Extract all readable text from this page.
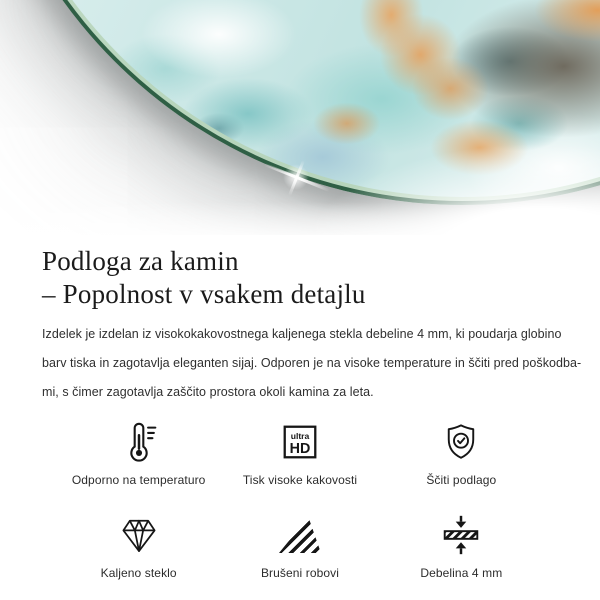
Podloga za kamin
– Popolnost v vsakem detajlu
Izdelek je izdelan iz visokokakovostnega kaljenega stekla debeline 4 mm, ki poudarja globino
barv tiska in zagotavlja eleganten sijaj. Odporen je na visoke temperature in ščiti pred poškodba-
mi, s čimer zagotavlja zaščito prostora okoli kamina za leta.
Odporno na temperaturo
ultra
HD
Tisk visoke kakovosti	Ščiti podlago
Kaljeno steklo	Brušeni robovi	Debelina 4 mm
